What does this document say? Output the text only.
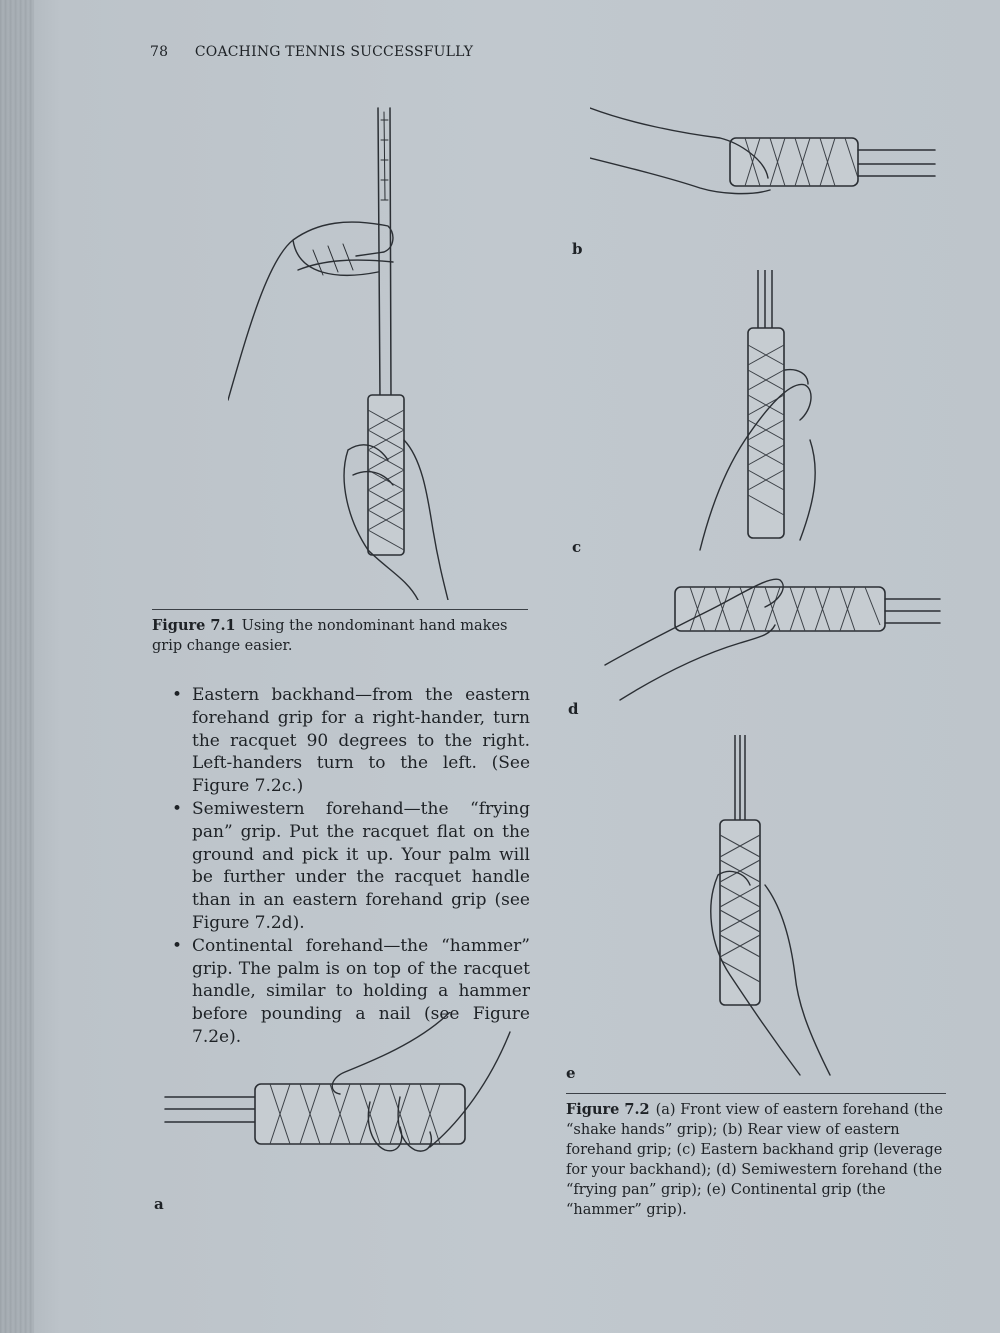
78 COACHING TENNIS SUCCESSFULLY
Figure 7.1 Using the nondominant hand makes grip change easier.
• Eastern backhand—from the eastern forehand grip for a right-hander, turn the racquet 90 degrees to the right. Left-handers turn to the left. (See Figure 7.2c.)
• Semiwestern forehand—the “frying pan” grip. Put the racquet flat on the ground and pick it up. Your palm will be further under the racquet handle than in an eastern forehand grip (see Figure 7.2d).
• Continental forehand—the “hammer” grip. The palm is on top of the racquet handle, similar to holding a hammer before pounding a nail (see Figure 7.2e).
a
b
c
d
e
Figure 7.2 (a) Front view of eastern forehand (the “shake hands” grip); (b) Rear view of eastern forehand grip; (c) Eastern backhand grip (leverage for your backhand); (d) Semiwestern forehand (the “frying pan” grip); (e) Continental grip (the “hammer” grip).
